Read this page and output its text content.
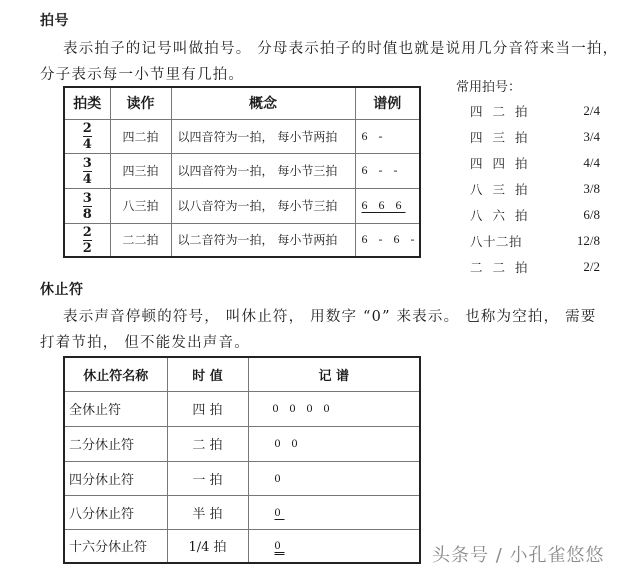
拍号
表示拍子的记号叫做拍号。 分母表示拍子的时值也就是说用几分音符来当一拍，
分子表示每一小节里有几拍。
拍类	读作	概念	谱例

$\frac{2}{4}$	四二拍	以四音符为一拍， 每小节两拍	6 -

$\frac{3}{4}$	四三拍	以四音符为一拍， 每小节三拍	6 - -

$\frac{3}{8}$	八三拍	以八音符为一拍， 每小节三拍	6 6 6

$\frac{2}{2}$	二二拍	以二音符为一拍， 每小节两拍	6 - 6 -
常用拍号：
四 二 拍	2/4
四 三 拍	3/4
四 四 拍	4/4
八 三 拍	3/8
八 六 拍	6/8
八十二拍	12/8
二 二 拍	2/2
休止符
表示声音停顿的符号， 叫休止符， 用数字 “0” 来表示。 也称为空拍， 需要
打着节拍， 但不能发出声音。
休止符名称	时 值	记 谱
全休止符	四 拍	0 0 0 0
二分休止符	二 拍	0 0
四分休止符	一 拍	0
八分休止符	半 拍	0
十六分休止符	1/4 拍	0	头条号 / 小孔雀悠悠
